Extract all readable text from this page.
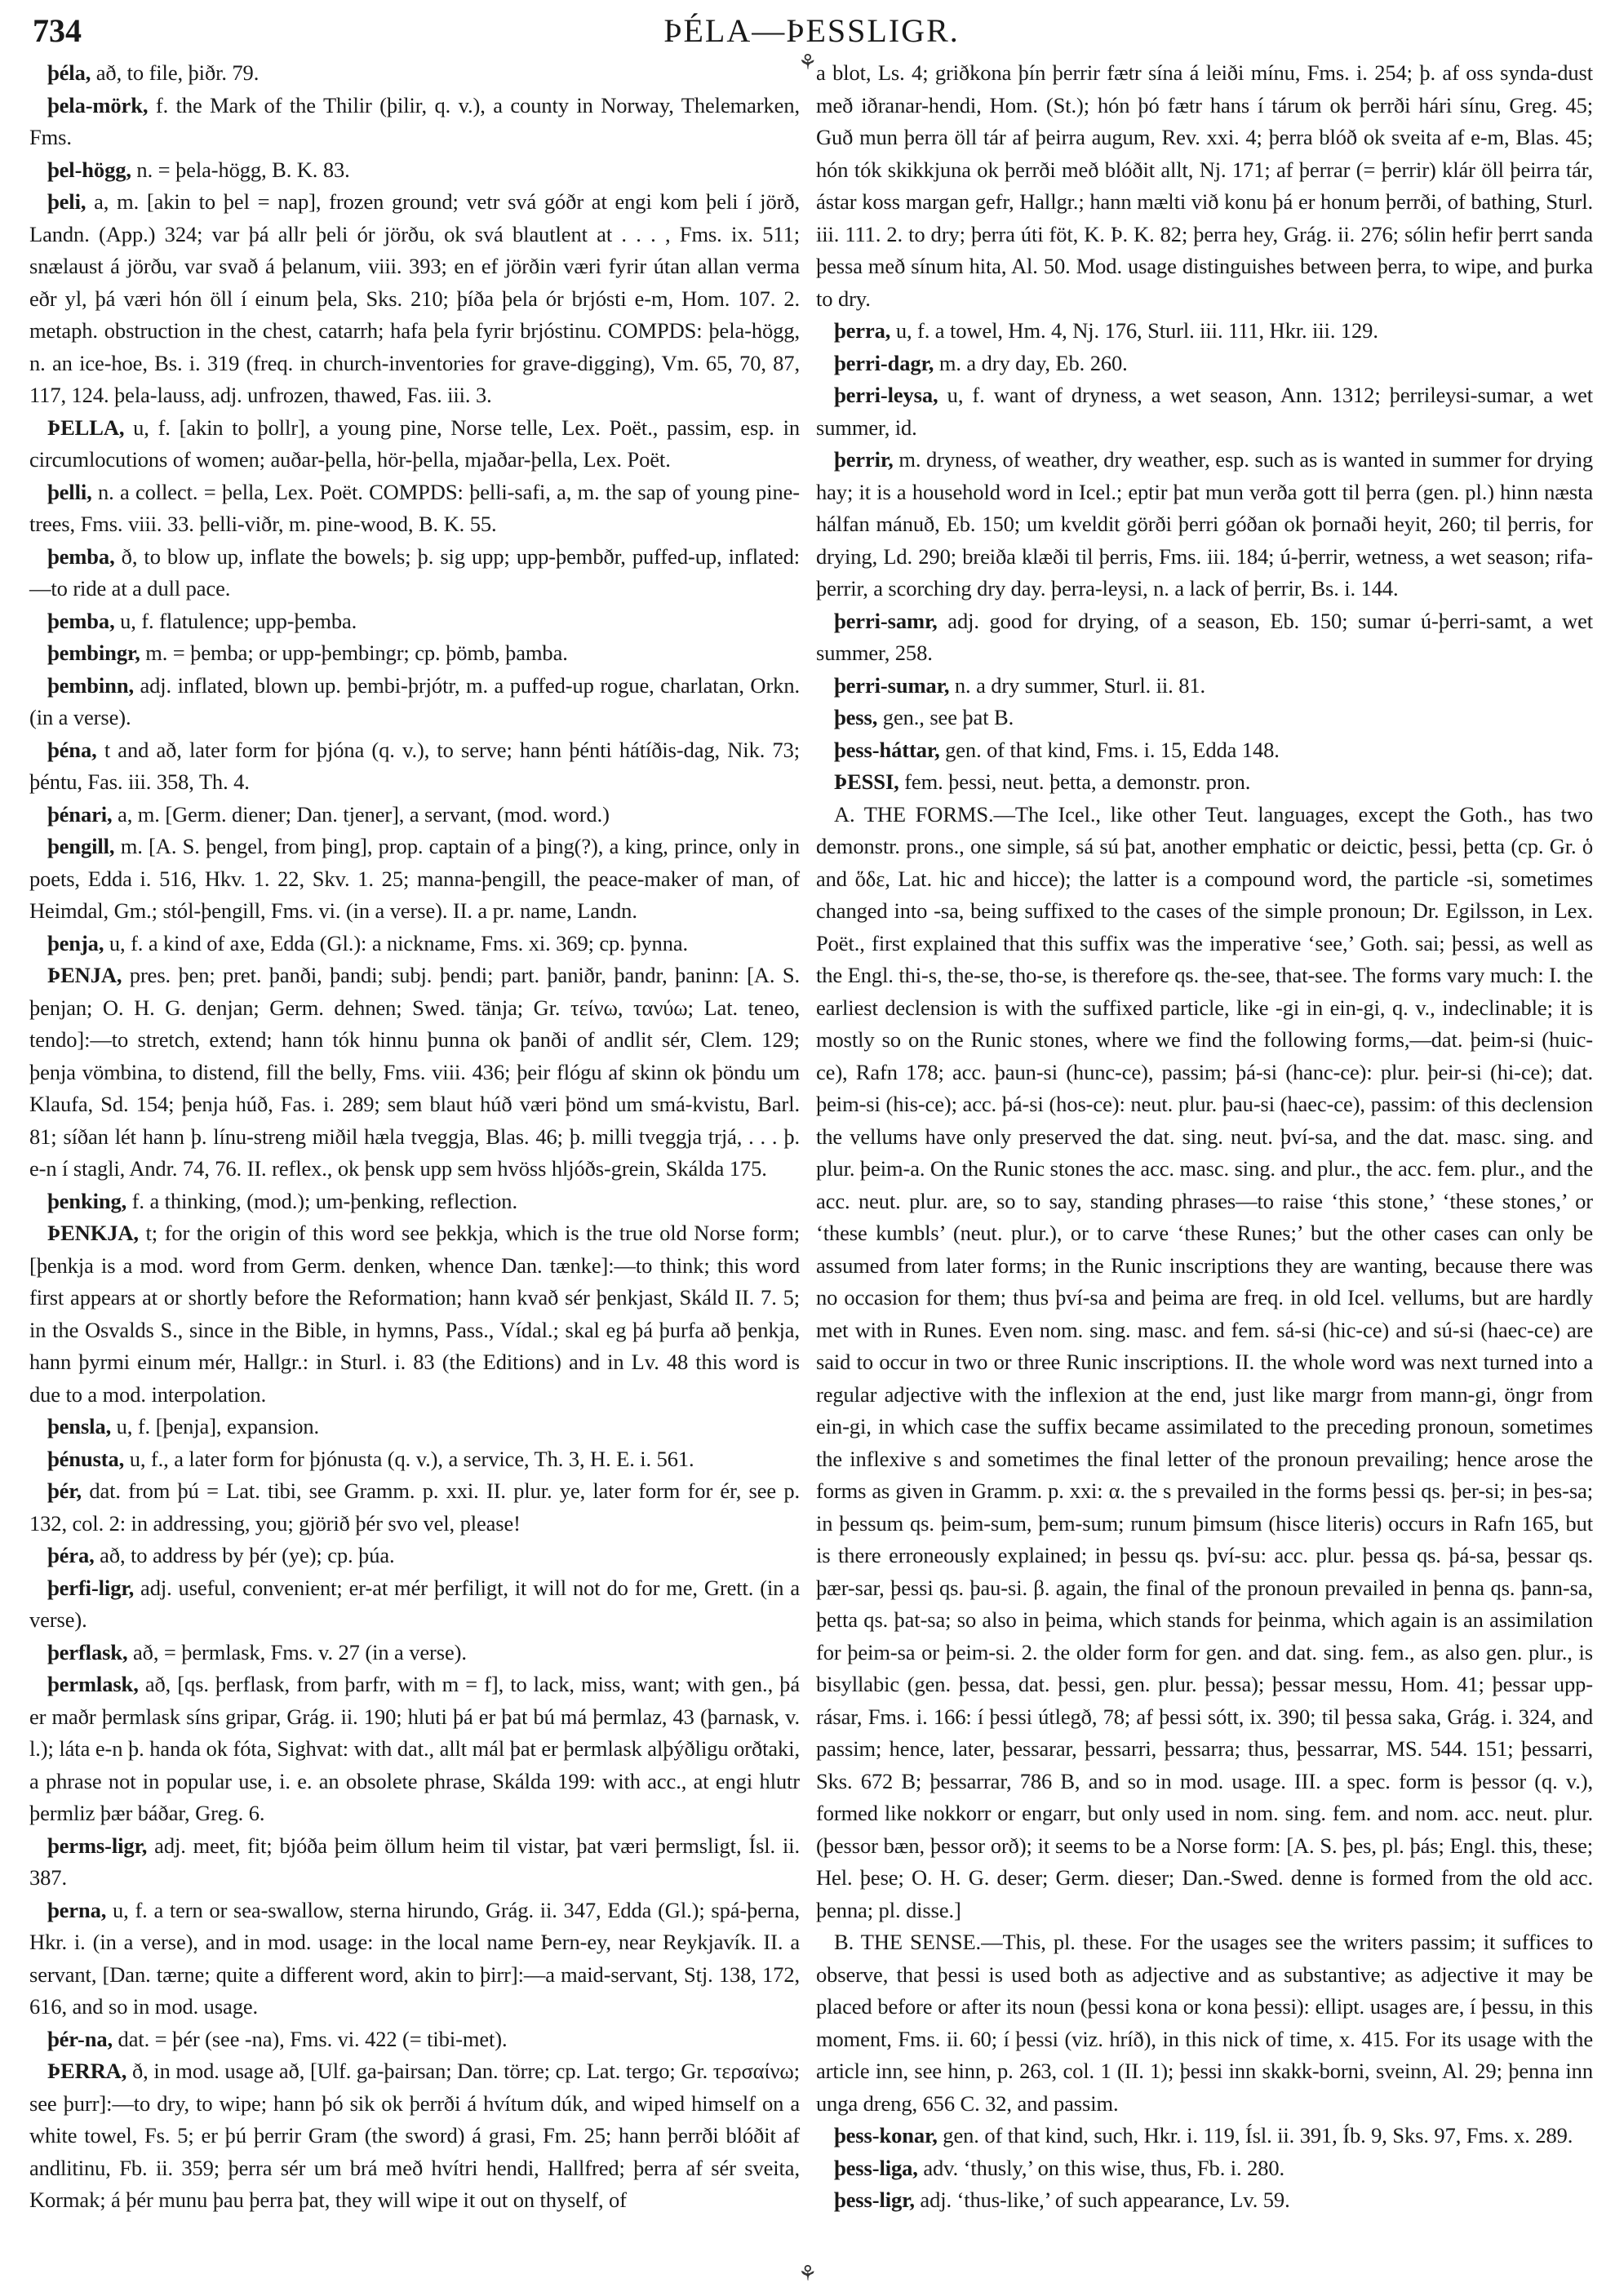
734	ÞÉLA—ÞESSLIGR.
⚘
⚘

þéla, að, to file, þiðr. 79.

þela-mörk, f. the Mark of the Thilir (þilir, q. v.), a county in Norway, Thelemarken, Fms.

þel-högg, n. = þela-högg, B. K. 83.

þeli, a, m. [akin to þel = nap], frozen ground; vetr svá góðr at engi kom þeli í jörð, Landn. (App.) 324; var þá allr þeli ór jörðu, ok svá blautlent at . . . , Fms. ix. 511; snælaust á jörðu, var svað á þelanum, viii. 393; en ef jörðin væri fyrir útan allan verma eðr yl, þá væri hón öll í einum þela, Sks. 210; þíða þela ór brjósti e-m, Hom. 107. 2. metaph. obstruction in the chest, catarrh; hafa þela fyrir brjóstinu. COMPDS: þela-högg, n. an ice-hoe, Bs. i. 319 (freq. in church-inventories for grave-digging), Vm. 65, 70, 87, 117, 124. þela-lauss, adj. unfrozen, thawed, Fas. iii. 3.

ÞELLA, u, f. [akin to þollr], a young pine, Norse telle, Lex. Poët., passim, esp. in circumlocutions of women; auðar-þella, hör-þella, mjaðar-þella, Lex. Poët.

þelli, n. a collect. = þella, Lex. Poët. COMPDS: þelli-safi, a, m. the sap of young pine-trees, Fms. viii. 33. þelli-viðr, m. pine-wood, B. K. 55.

þemba, ð, to blow up, inflate the bowels; þ. sig upp; upp-þembðr, puffed-up, inflated:—to ride at a dull pace.

þemba, u, f. flatulence; upp-þemba.

þembingr, m. = þemba; or upp-þembingr; cp. þömb, þamba.

þembinn, adj. inflated, blown up. þembi-þrjótr, m. a puffed-up rogue, charlatan, Orkn. (in a verse).

þéna, t and að, later form for þjóna (q. v.), to serve; hann þénti hátíðis-dag, Nik. 73; þéntu, Fas. iii. 358, Th. 4.

þénari, a, m. [Germ. diener; Dan. tjener], a servant, (mod. word.)

þengill, m. [A. S. þengel, from þing], prop. captain of a þing(?), a king, prince, only in poets, Edda i. 516, Hkv. 1. 22, Skv. 1. 25; manna-þengill, the peace-maker of man, of Heimdal, Gm.; stól-þengill, Fms. vi. (in a verse). II. a pr. name, Landn.

þenja, u, f. a kind of axe, Edda (Gl.): a nickname, Fms. xi. 369; cp. þynna.

ÞENJA, pres. þen; pret. þanði, þandi; subj. þendi; part. þaniðr, þandr, þaninn: [A. S. þenjan; O. H. G. denjan; Germ. dehnen; Swed. tänja; Gr. τείνω, τανύω; Lat. teneo, tendo]:—to stretch, extend; hann tók hinnu þunna ok þanði of andlit sér, Clem. 129; þenja vömbina, to distend, fill the belly, Fms. viii. 436; þeir flógu af skinn ok þöndu um Klaufa, Sd. 154; þenja húð, Fas. i. 289; sem blaut húð væri þönd um smá-kvistu, Barl. 81; síðan lét hann þ. línu-streng miðil hæla tveggja, Blas. 46; þ. milli tveggja trjá, . . . þ. e-n í stagli, Andr. 74, 76. II. reflex., ok þensk upp sem hvöss hljóðs-grein, Skálda 175.

þenking, f. a thinking, (mod.); um-þenking, reflection.

ÞENKJA, t; for the origin of this word see þekkja, which is the true old Norse form; [þenkja is a mod. word from Germ. denken, whence Dan. tænke]:—to think; this word first appears at or shortly before the Reformation; hann kvað sér þenkjast, Skáld II. 7. 5; in the Osvalds S., since in the Bible, in hymns, Pass., Vídal.; skal eg þá þurfa að þenkja, hann þyrmi einum mér, Hallgr.: in Sturl. i. 83 (the Editions) and in Lv. 48 this word is due to a mod. interpolation.

þensla, u, f. [þenja], expansion.

þénusta, u, f., a later form for þjónusta (q. v.), a service, Th. 3, H. E. i. 561.

þér, dat. from þú = Lat. tibi, see Gramm. p. xxi. II. plur. ye, later form for ér, see p. 132, col. 2: in addressing, you; gjörið þér svo vel, please!

þéra, að, to address by þér (ye); cp. þúa.

þerfi-ligr, adj. useful, convenient; er-at mér þerfiligt, it will not do for me, Grett. (in a verse).

þerflask, að, = þermlask, Fms. v. 27 (in a verse).

þermlask, að, [qs. þerflask, from þarfr, with m = f], to lack, miss, want; with gen., þá er maðr þermlask síns gripar, Grág. ii. 190; hluti þá er þat bú má þermlaz, 43 (þarnask, v. l.); láta e-n þ. handa ok fóta, Sighvat: with dat., allt mál þat er þermlask alþýðligu orðtaki, a phrase not in popular use, i. e. an obsolete phrase, Skálda 199: with acc., at engi hlutr þermliz þær báðar, Greg. 6.

þerms-ligr, adj. meet, fit; bjóða þeim öllum heim til vistar, þat væri þermsligt, Ísl. ii. 387.

þerna, u, f. a tern or sea-swallow, sterna hirundo, Grág. ii. 347, Edda (Gl.); spá-þerna, Hkr. i. (in a verse), and in mod. usage: in the local name Þern-ey, near Reykjavík. II. a servant, [Dan. tærne; quite a different word, akin to þirr]:—a maid-servant, Stj. 138, 172, 616, and so in mod. usage.

þér-na, dat. = þér (see -na), Fms. vi. 422 (= tibi-met).

ÞERRA, ð, in mod. usage að, [Ulf. ga-þairsan; Dan. törre; cp. Lat. tergo; Gr. τερσαίνω; see þurr]:—to dry, to wipe; hann þó sik ok þerrði á hvítum dúk, and wiped himself on a white towel, Fs. 5; er þú þerrir Gram (the sword) á grasi, Fm. 25; hann þerrði blóðit af andlitinu, Fb. ii. 359; þerra sér um brá með hvítri hendi, Hallfred; þerra af sér sveita, Kormak; á þér munu þau þerra þat, they will wipe it out on thyself, of

a blot, Ls. 4; griðkona þín þerrir fætr sína á leiði mínu, Fms. i. 254; þ. af oss synda-dust með iðranar-hendi, Hom. (St.); hón þó fætr hans í tárum ok þerrði hári sínu, Greg. 45; Guð mun þerra öll tár af þeirra augum, Rev. xxi. 4; þerra blóð ok sveita af e-m, Blas. 45; hón tók skikkjuna ok þerrði með blóðit allt, Nj. 171; af þerrar (= þerrir) klár öll þeirra tár, ástar koss margan gefr, Hallgr.; hann mælti við konu þá er honum þerrði, of bathing, Sturl. iii. 111. 2. to dry; þerra úti föt, K. Þ. K. 82; þerra hey, Grág. ii. 276; sólin hefir þerrt sanda þessa með sínum hita, Al. 50. Mod. usage distinguishes between þerra, to wipe, and þurka to dry.

þerra, u, f. a towel, Hm. 4, Nj. 176, Sturl. iii. 111, Hkr. iii. 129.

þerri-dagr, m. a dry day, Eb. 260.

þerri-leysa, u, f. want of dryness, a wet season, Ann. 1312; þerrileysi-sumar, a wet summer, id.

þerrir, m. dryness, of weather, dry weather, esp. such as is wanted in summer for drying hay; it is a household word in Icel.; eptir þat mun verða gott til þerra (gen. pl.) hinn næsta hálfan mánuð, Eb. 150; um kveldit görði þerri góðan ok þornaði heyit, 260; til þerris, for drying, Ld. 290; breiða klæði til þerris, Fms. iii. 184; ú-þerrir, wetness, a wet season; rifa-þerrir, a scorching dry day. þerra-leysi, n. a lack of þerrir, Bs. i. 144.

þerri-samr, adj. good for drying, of a season, Eb. 150; sumar ú-þerri-samt, a wet summer, 258.

þerri-sumar, n. a dry summer, Sturl. ii. 81.

þess, gen., see þat B.

þess-háttar, gen. of that kind, Fms. i. 15, Edda 148.

ÞESSI, fem. þessi, neut. þetta, a demonstr. pron.

A. THE FORMS.—The Icel., like other Teut. languages, except the Goth., has two demonstr. prons., one simple, sá sú þat, another emphatic or deictic, þessi, þetta (cp. Gr. ὁ and ὅδε, Lat. hic and hicce); the latter is a compound word, the particle -si, sometimes changed into -sa, being suffixed to the cases of the simple pronoun; Dr. Egilsson, in Lex. Poët., first explained that this suffix was the imperative ‘see,’ Goth. sai; þessi, as well as the Engl. thi-s, the-se, tho-se, is therefore qs. the-see, that-see. The forms vary much: I. the earliest declension is with the suffixed particle, like -gi in ein-gi, q. v., indeclinable; it is mostly so on the Runic stones, where we find the following forms,—dat. þeim-si (huic-ce), Rafn 178; acc. þaun-si (hunc-ce), passim; þá-si (hanc-ce): plur. þeir-si (hi-ce); dat. þeim-si (his-ce); acc. þá-si (hos-ce): neut. plur. þau-si (haec-ce), passim: of this declension the vellums have only preserved the dat. sing. neut. því-sa, and the dat. masc. sing. and plur. þeim-a. On the Runic stones the acc. masc. sing. and plur., the acc. fem. plur., and the acc. neut. plur. are, so to say, standing phrases—to raise ‘this stone,’ ‘these stones,’ or ‘these kumbls’ (neut. plur.), or to carve ‘these Runes;’ but the other cases can only be assumed from later forms; in the Runic inscriptions they are wanting, because there was no occasion for them; thus því-sa and þeima are freq. in old Icel. vellums, but are hardly met with in Runes. Even nom. sing. masc. and fem. sá-si (hic-ce) and sú-si (haec-ce) are said to occur in two or three Runic inscriptions. II. the whole word was next turned into a regular adjective with the inflexion at the end, just like margr from mann-gi, öngr from ein-gi, in which case the suffix became assimilated to the preceding pronoun, sometimes the inflexive s and sometimes the final letter of the pronoun prevailing; hence arose the forms as given in Gramm. p. xxi: α. the s prevailed in the forms þessi qs. þer-si; in þes-sa; in þessum qs. þeim-sum, þem-sum; runum þimsum (hisce literis) occurs in Rafn 165, but is there erroneously explained; in þessu qs. því-su: acc. plur. þessa qs. þá-sa, þessar qs. þær-sar, þessi qs. þau-si. β. again, the final of the pronoun prevailed in þenna qs. þann-sa, þetta qs. þat-sa; so also in þeima, which stands for þeinma, which again is an assimilation for þeim-sa or þeim-si. 2. the older form for gen. and dat. sing. fem., as also gen. plur., is bisyllabic (gen. þessa, dat. þessi, gen. plur. þessa); þessar messu, Hom. 41; þessar upp-rásar, Fms. i. 166: í þessi útlegð, 78; af þessi sótt, ix. 390; til þessa saka, Grág. i. 324, and passim; hence, later, þessarar, þessarri, þessarra; thus, þessarrar, MS. 544. 151; þessarri, Sks. 672 B; þessarrar, 786 B, and so in mod. usage. III. a spec. form is þessor (q. v.), formed like nokkorr or engarr, but only used in nom. sing. fem. and nom. acc. neut. plur. (þessor bæn, þessor orð); it seems to be a Norse form: [A. S. þes, pl. þás; Engl. this, these; Hel. þese; O. H. G. deser; Germ. dieser; Dan.-Swed. denne is formed from the old acc. þenna; pl. disse.]

B. THE SENSE.—This, pl. these. For the usages see the writers passim; it suffices to observe, that þessi is used both as adjective and as substantive; as adjective it may be placed before or after its noun (þessi kona or kona þessi): ellipt. usages are, í þessu, in this moment, Fms. ii. 60; í þessi (viz. hríð), in this nick of time, x. 415. For its usage with the article inn, see hinn, p. 263, col. 1 (II. 1); þessi inn skakk-borni, sveinn, Al. 29; þenna inn unga dreng, 656 C. 32, and passim.

þess-konar, gen. of that kind, such, Hkr. i. 119, Ísl. ii. 391, Íb. 9, Sks. 97, Fms. x. 289.

þess-liga, adv. ‘thusly,’ on this wise, thus, Fb. i. 280.

þess-ligr, adj. ‘thus-like,’ of such appearance, Lv. 59.
